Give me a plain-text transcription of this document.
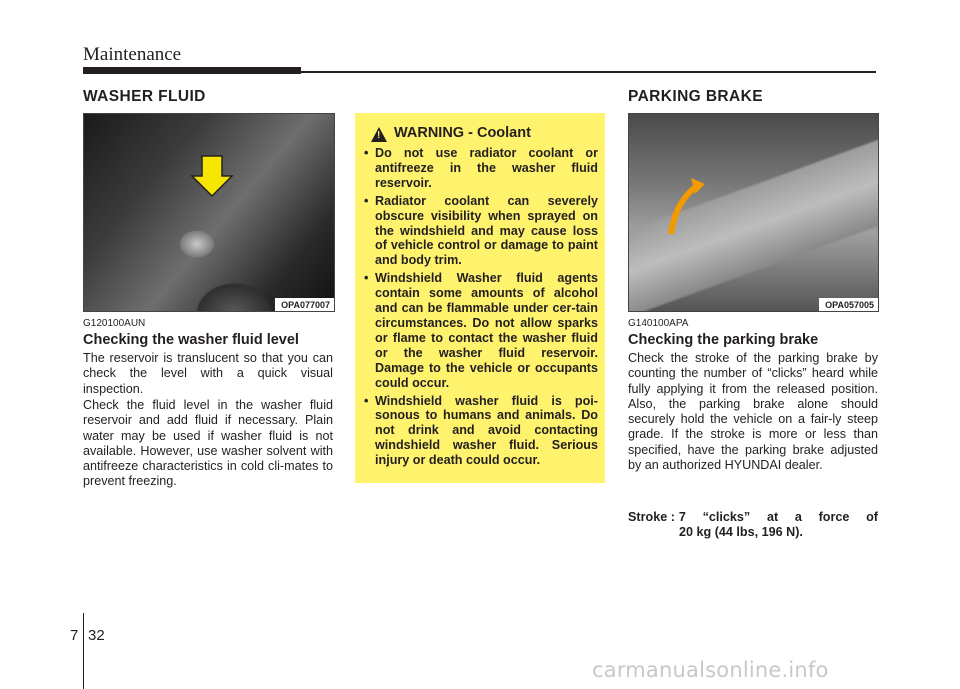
Maintenance
WASHER FLUID	PARKING BRAKE
OPA077007	OPA057005
G120100AUN
Checking the washer fluid level

The reservoir is translucent so that you can check the level with a quick visual inspection.

Check the fluid level in the washer fluid reservoir and add fluid if necessary. Plain water may be used if washer fluid is not available. However, use washer solvent with antifreeze characteristics in cold cli-mates to prevent freezing.

!
WARNING - Coolant
• Do not use radiator coolant or antifreeze in the washer fluid reservoir.
• Radiator coolant can severely obscure visibility when sprayed on the windshield and may cause loss of vehicle control or damage to paint and body trim.
• Windshield Washer fluid agents contain some amounts of alcohol and can be flammable under cer-tain circumstances. Do not allow sparks or flame to contact the washer fluid or the washer fluid reservoir. Damage to the vehicle or occupants could occur.
• Windshield washer fluid is poi-sonous to humans and animals. Do not drink and avoid contacting windshield washer fluid. Serious injury or death could occur.
G140100APA
Checking the parking brake

Check the stroke of the parking brake by counting the number of “clicks” heard while fully applying it from the released position. Also, the parking brake alone should securely hold the vehicle on a fair-ly steep grade. If the stroke is more or less than specified, have the parking brake adjusted by an authorized HYUNDAI dealer.

Stroke : 7 “clicks” at a force of
20 kg (44 lbs, 196 N).
7 32
carmanualsonline.info
